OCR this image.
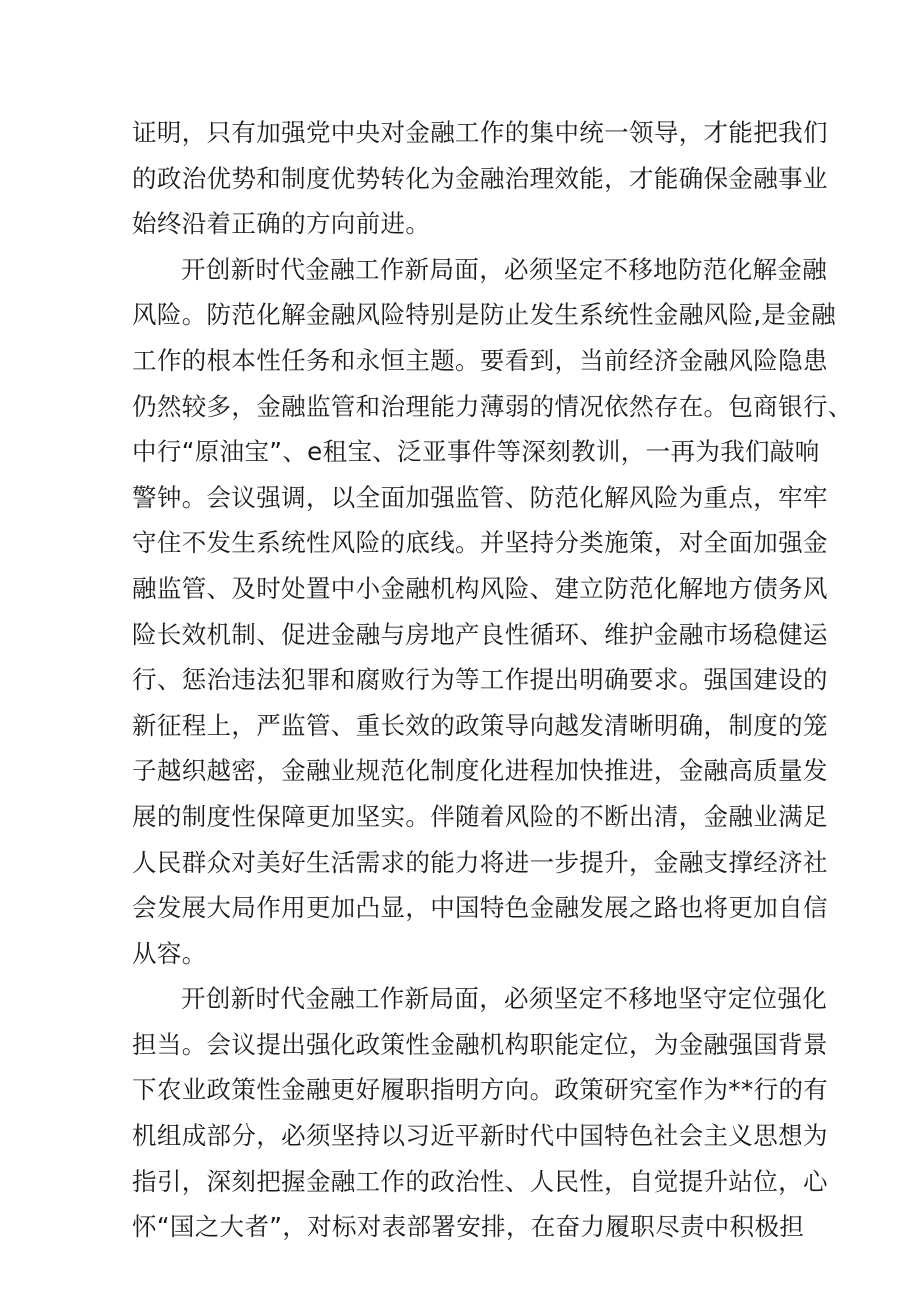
证明，只有加强党中央对金融工作的集中统一领导，才能把我们
的政治优势和制度优势转化为金融治理效能，才能确保金融事业
始终沿着正确的方向前进。
开创新时代金融工作新局面，必须坚定不移地防范化解金融
风险。防范化解金融风险特别是防止发生系统性金融风险,是金融
工作的根本性任务和永恒主题。要看到，当前经济金融风险隐患
仍然较多，金融监管和治理能力薄弱的情况依然存在。包商银行、
中行“原油宝”、e租宝、泛亚事件等深刻教训，一再为我们敲响
警钟。会议强调，以全面加强监管、防范化解风险为重点，牢牢
守住不发生系统性风险的底线。并坚持分类施策，对全面加强金
融监管、及时处置中小金融机构风险、建立防范化解地方债务风
险长效机制、促进金融与房地产良性循环、维护金融市场稳健运
行、惩治违法犯罪和腐败行为等工作提出明确要求。强国建设的
新征程上，严监管、重长效的政策导向越发清晰明确，制度的笼
子越织越密，金融业规范化制度化进程加快推进，金融高质量发
展的制度性保障更加坚实。伴随着风险的不断出清，金融业满足
人民群众对美好生活需求的能力将进一步提升，金融支撑经济社
会发展大局作用更加凸显，中国特色金融发展之路也将更加自信
从容。
开创新时代金融工作新局面，必须坚定不移地坚守定位强化
担当。会议提出强化政策性金融机构职能定位，为金融强国背景
下农业政策性金融更好履职指明方向。政策研究室作为**行的有
机组成部分，必须坚持以习近平新时代中国特色社会主义思想为
指引，深刻把握金融工作的政治性、人民性，自觉提升站位，心
怀“国之大者”，对标对表部署安排，在奋力履职尽责中积极担
